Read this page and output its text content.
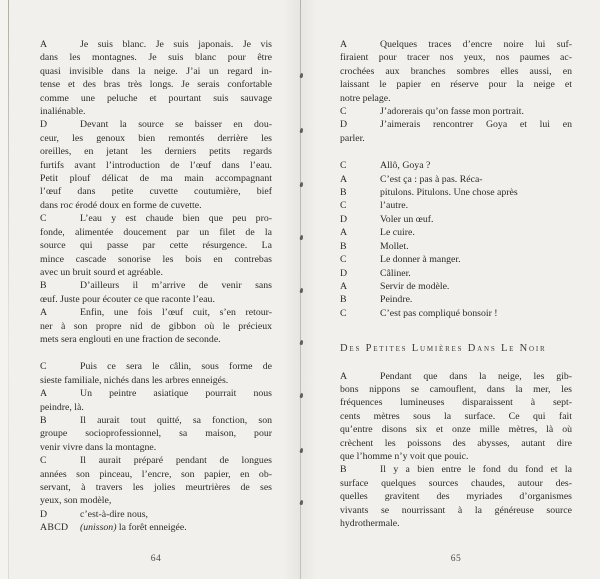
A	Je suis blanc. Je suis japonais. Je vis
dans les montagnes. Je suis blanc pour être
quasi invisible dans la neige. J’ai un regard in-
tense et des bras très longs. Je serais confortable
comme une peluche et pourtant suis sauvage
inaliénable.
D	Devant la source se baisser en dou-
ceur, les genoux bien remontés derrière les
oreilles, en jetant les derniers petits regards
furtifs avant l’introduction de l’œuf dans l’eau.
Petit plouf délicat de ma main accompagnant
l’œuf dans petite cuvette coutumière, bief
dans roc érodé doux en forme de cuvette.
C	L’eau y est chaude bien que peu pro-
fonde, alimentée doucement par un filet de la
source qui passe par cette résurgence. La
mince cascade sonorise les bois en contrebas
avec un bruit sourd et agréable.
B	D’ailleurs il m’arrive de venir sans
œuf. Juste pour écouter ce que raconte l’eau.
A	Enfin, une fois l’œuf cuit, s’en retour-
ner à son propre nid de gibbon où le précieux
mets sera englouti en une fraction de seconde.
C	Puis ce sera le câlin, sous forme de
sieste familiale, nichés dans les arbres enneigés.
A	Un peintre asiatique pourrait nous
peindre, là.
B	Il aurait tout quitté, sa fonction, son
groupe socioprofessionnel, sa maison, pour
venir vivre dans la montagne.
C	Il aurait préparé pendant de longues
années son pinceau, l’encre, son papier, en ob-
servant, à travers les jolies meurtrières de ses
yeux, son modèle,
D	c’est-à-dire nous,
ABCD (unisson) la forêt enneigée.
64
A	Quelques traces d’encre noire lui suf-
firaient pour tracer nos yeux, nos paumes ac-
crochées aux branches sombres elles aussi, en
laissant le papier en réserve pour la neige et
notre pelage.
C	J’adorerais qu’on fasse mon portrait.
D	J’aimerais rencontrer Goya et lui en
parler.
C	Allô, Goya ?
A	C’est ça : pas à pas. Réca-
B	pitulons. Pitulons. Une chose après
C	l’autre.
D	Voler un œuf.
A	Le cuire.
B	Mollet.
C	Le donner à manger.
D	Câliner.
A	Servir de modèle.
B	Peindre.
C	C’est pas compliqué bonsoir !
Des Petites Lumières Dans Le Noir
A	Pendant que dans la neige, les gib-
bons nippons se camouflent, dans la mer, les
fréquences lumineuses disparaissent à sept-
cents mètres sous la surface. Ce qui fait
qu’entre disons six et onze mille mètres, là où
crèchent les poissons des abysses, autant dire
que l’homme n’y voit que pouic.
B	Il y a bien entre le fond du fond et la
surface quelques sources chaudes, autour des-
quelles gravitent des myriades d’organismes
vivants se nourrissant à la généreuse source
hydrothermale.
65
